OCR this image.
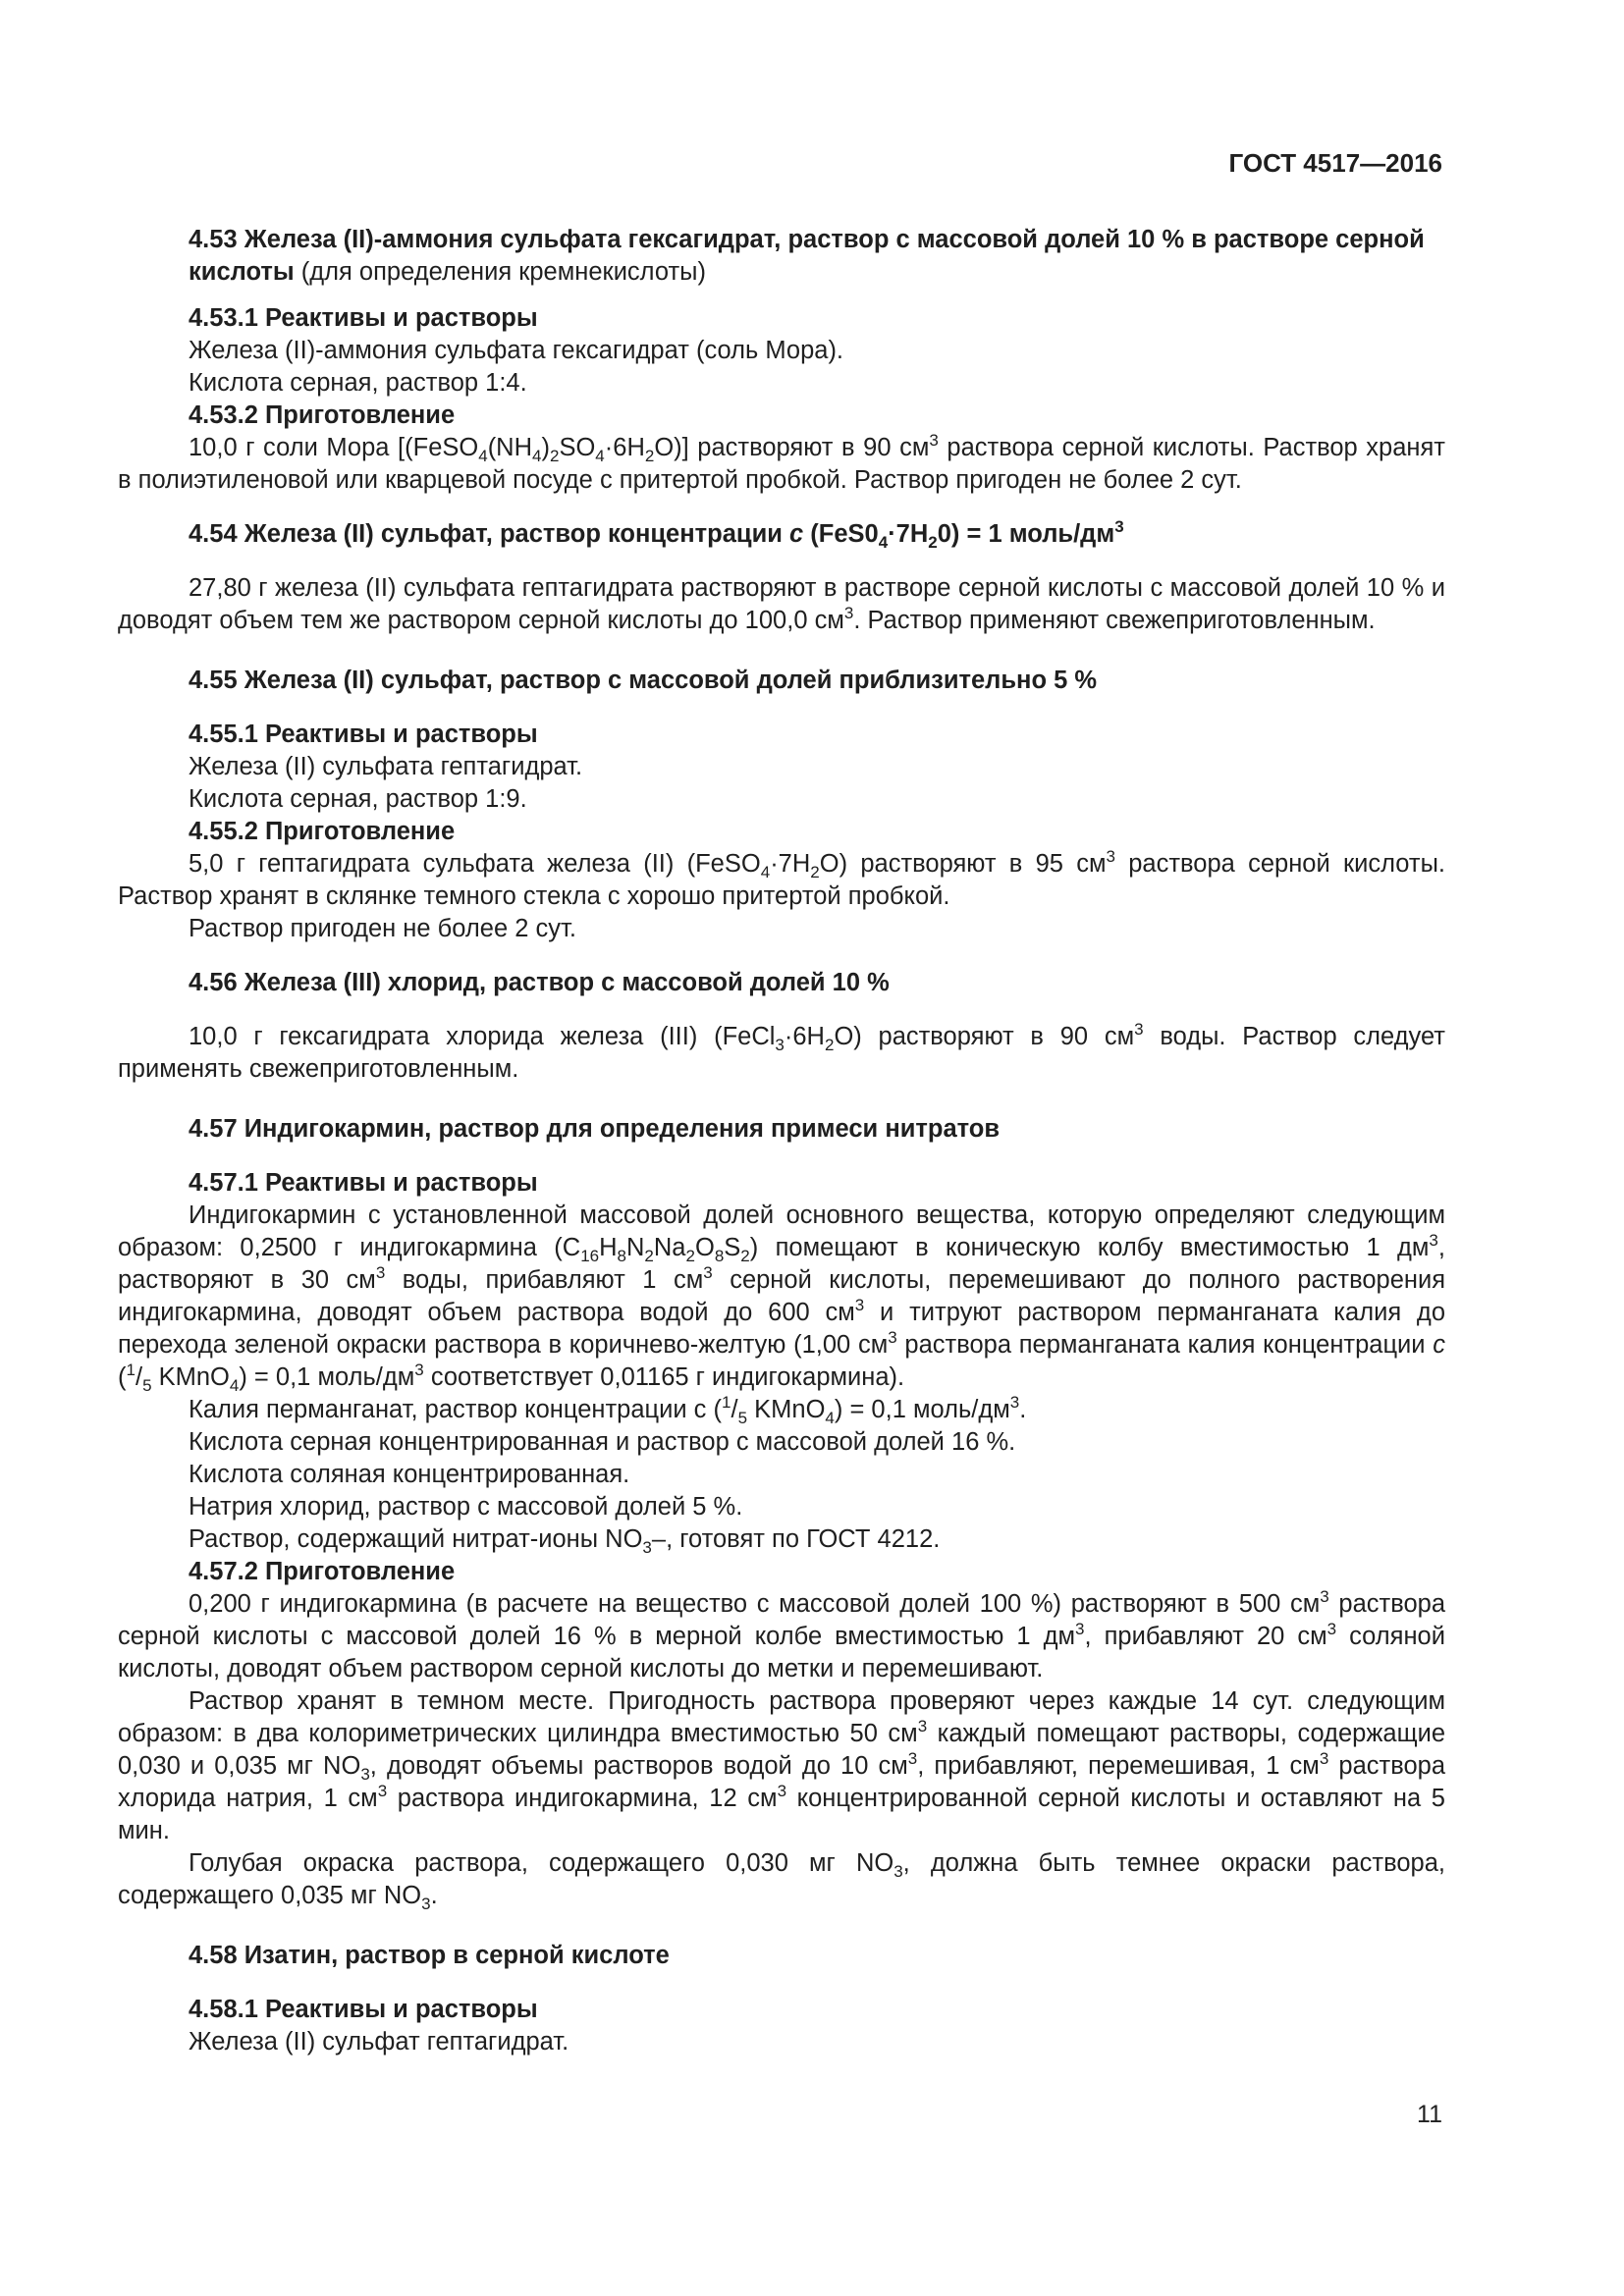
ГОСТ 4517—2016

4.53 Железа (II)-аммония сульфата гексагидрат, раствор с массовой долей 10 % в растворе серной кислоты (для определения кремнекислоты)

4.53.1 Реактивы и растворы

Железа (II)-аммония сульфата гексагидрат (соль Мора).

Кислота серная, раствор 1:4.

4.53.2 Приготовление

10,0 г соли Мора $[(FeSO_4(NH_4)_2SO_4\cdot 6H_2O)]$ растворяют в 90 $см^3$ раствора серной кислоты. Раствор хранят в полиэтиленовой или кварцевой посуде с притертой пробкой. Раствор пригоден не более 2 сут.

4.54 Железа (II) сульфат, раствор концентрации c $(FeS0_4\cdot 7H_20) = 1$ моль/$дм^3$

27,80 г железа (II) сульфата гептагидрата растворяют в растворе серной кислоты с массовой долей 10 % и доводят объем тем же раствором серной кислоты до 100,0 $см^3$. Раствор применяют свежеприготовленным.

4.55 Железа (II) сульфат, раствор с массовой долей приблизительно 5 %

4.55.1 Реактивы и растворы

Железа (II) сульфата гептагидрат.

Кислота серная, раствор 1:9.

4.55.2 Приготовление

5,0 г гептагидрата сульфата железа (II) $(FeSO_4\cdot 7H_2O)$ растворяют в 95 $см^3$ раствора серной кислоты. Раствор хранят в склянке темного стекла с хорошо притертой пробкой.

Раствор пригоден не более 2 сут.

4.56 Железа (III) хлорид, раствор с массовой долей 10 %

10,0 г гексагидрата хлорида железа (III) $(FeCl_3\cdot 6H_2O)$ растворяют в 90 $см^3$ воды. Раствор следует применять свежеприготовленным.

4.57 Индигокармин, раствор для определения примеси нитратов

4.57.1 Реактивы и растворы

Индигокармин с установленной массовой долей основного вещества, которую определяют следующим образом: 0,2500 г индигокармина $(C_{16}H_8N_2Na_2O_8S_2)$ помещают в коническую колбу вместимостью 1 $дм^3$, растворяют в 30 $см^3$ воды, прибавляют 1 $см^3$ серной кислоты, перемешивают до полного растворения индигокармина, доводят объем раствора водой до 600 $см^3$ и титруют раствором перманганата калия до перехода зеленой окраски раствора в коричнево-желтую (1,00 $см^3$ раствора перманганата калия концентрации c ($^1/_5$ KMnO$_4$) = 0,1 моль/$дм^3$ соответствует 0,01165 г индигокармина).

Калия перманганат, раствор концентрации с ($^1/_5$ KMnO$_4$) = 0,1 моль/$дм^3$.

Кислота серная концентрированная и раствор с массовой долей 16 %.

Кислота соляная концентрированная.

Натрия хлорид, раствор с массовой долей 5 %.

Раствор, содержащий нитрат-ионы $NO_3-$, готовят по ГОСТ 4212.

4.57.2 Приготовление

0,200 г индигокармина (в расчете на вещество с массовой долей 100 %) растворяют в 500 $см^3$ раствора серной кислоты с массовой долей 16 % в мерной колбе вместимостью 1 $дм^3$, прибавляют 20 $см^3$ соляной кислоты, доводят объем раствором серной кислоты до метки и перемешивают.

Раствор хранят в темном месте. Пригодность раствора проверяют через каждые 14 сут. следующим образом: в два колориметрических цилиндра вместимостью 50 $см^3$ каждый помещают растворы, содержащие 0,030 и 0,035 мг $NO_3$, доводят объемы растворов водой до 10 $см^3$, прибавляют, перемешивая, 1 $см^3$ раствора хлорида натрия, 1 $см^3$ раствора индигокармина, 12 $см^3$ концентрированной серной кислоты и оставляют на 5 мин.

Голубая окраска раствора, содержащего 0,030 мг $NO_3$, должна быть темнее окраски раствора, содержащего 0,035 мг $NO_3$.

4.58 Изатин, раствор в серной кислоте

4.58.1 Реактивы и растворы

Железа (II) сульфат гептагидрат.

11
